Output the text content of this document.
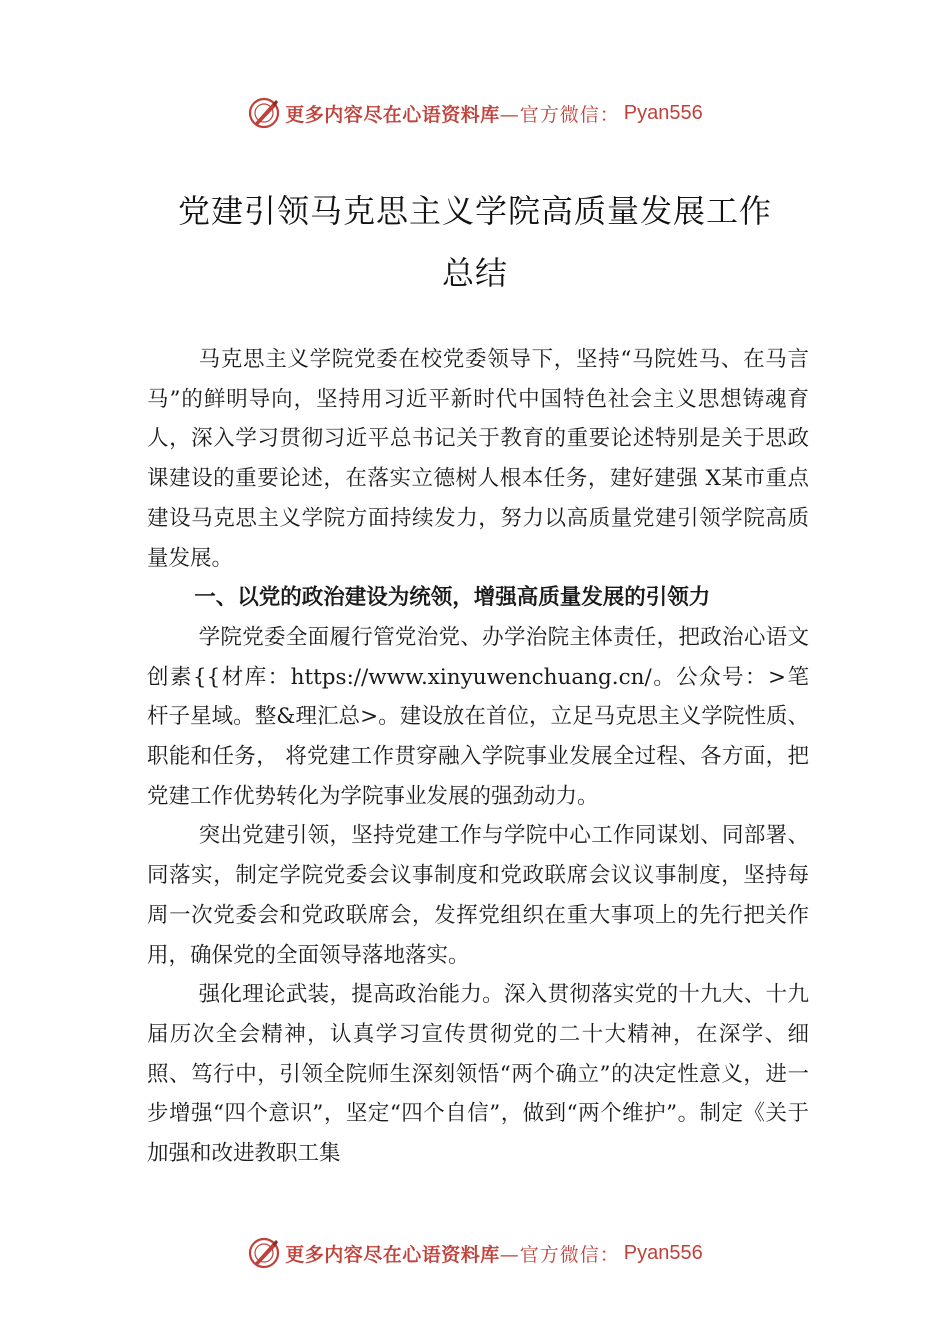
更多内容尽在心语资料库 —官方微信： Pyan556
党建引领马克思主义学院高质量发展工作
总结

马克思主义学院党委在校党委领导下，坚持“马院姓马、在马言马”的鲜明导向，坚持用习近平新时代中国特色社会主义思想铸魂育人，深入学习贯彻习近平总书记关于教育的重要论述特别是关于思政课建设的重要论述，在落实立德树人根本任务，建好建强 X某市重点建设马克思主义学院方面持续发力，努力以高质量党建引领学院高质量发展。

一、以党的政治建设为统领，增强高质量发展的引领力

学院党委全面履行管党治党、办学治院主体责任，把政治心语文创素{{材库：https://www.xinyuwenchuang.cn/。公众号：>笔杆子星域。整&理汇总>。建设放在首位，立足马克思主义学院性质、职能和任务， 将党建工作贯穿融入学院事业发展全过程、各方面，把党建工作优势转化为学院事业发展的强劲动力。

突出党建引领，坚持党建工作与学院中心工作同谋划、同部署、同落实，制定学院党委会议事制度和党政联席会议议事制度，坚持每周一次党委会和党政联席会，发挥党组织在重大事项上的先行把关作用，确保党的全面领导落地落实。

强化理论武装，提高政治能力。深入贯彻落实党的十九大、十九届历次全会精神，认真学习宣传贯彻党的二十大精神，在深学、细照、笃行中，引领全院师生深刻领悟“两个确立”的决定性意义，进一步增强“四个意识”，坚定“四个自信”，做到“两个维护”。制定《关于加强和改进教职工集

更多内容尽在心语资料库 —官方微信： Pyan556
